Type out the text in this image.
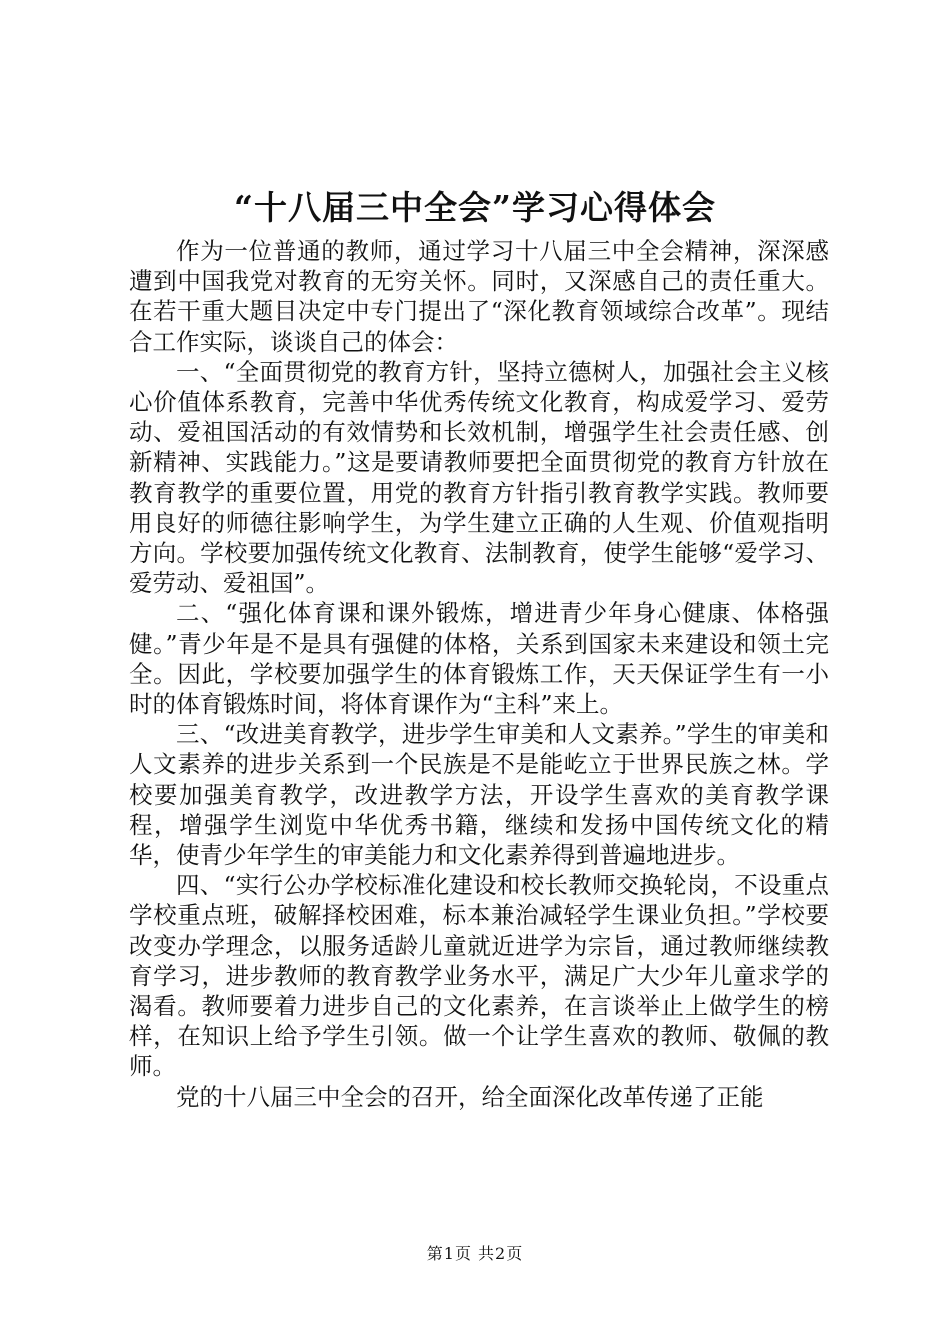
“十八届三中全会”学习心得体会

作为一位普通的教师，通过学习十八届三中全会精神，深深感遭到中国我党对教育的无穷关怀。同时，又深感自己的责任重大。在若干重大题目决定中专门提出了“深化教育领域综合改革”。现结合工作实际，谈谈自己的体会：

一、“全面贯彻党的教育方针，坚持立德树人，加强社会主义核心价值体系教育，完善中华优秀传统文化教育，构成爱学习、爱劳动、爱祖国活动的有效情势和长效机制，增强学生社会责任感、创新精神、实践能力。”这是要请教师要把全面贯彻党的教育方针放在教育教学的重要位置，用党的教育方针指引教育教学实践。教师要用良好的师德往影响学生，为学生建立正确的人生观、价值观指明方向。学校要加强传统文化教育、法制教育，使学生能够“爱学习、爱劳动、爱祖国”。

二、“强化体育课和课外锻炼，增进青少年身心健康、体格强健。”青少年是不是具有强健的体格，关系到国家未来建设和领土完全。因此，学校要加强学生的体育锻炼工作，天天保证学生有一小时的体育锻炼时间，将体育课作为“主科”来上。

三、“改进美育教学，进步学生审美和人文素养。”学生的审美和人文素养的进步关系到一个民族是不是能屹立于世界民族之林。学校要加强美育教学，改进教学方法，开设学生喜欢的美育教学课程，增强学生浏览中华优秀书籍，继续和发扬中国传统文化的精华，使青少年学生的审美能力和文化素养得到普遍地进步。

四、“实行公办学校标准化建设和校长教师交换轮岗，不设重点学校重点班，破解择校困难，标本兼治减轻学生课业负担。”学校要改变办学理念，以服务适龄儿童就近进学为宗旨，通过教师继续教育学习，进步教师的教育教学业务水平，满足广大少年儿童求学的渴看。教师要着力进步自己的文化素养，在言谈举止上做学生的榜样，在知识上给予学生引领。做一个让学生喜欢的教师、敬佩的教师。

党的十八届三中全会的召开，给全面深化改革传递了正能

第1页 共2页
